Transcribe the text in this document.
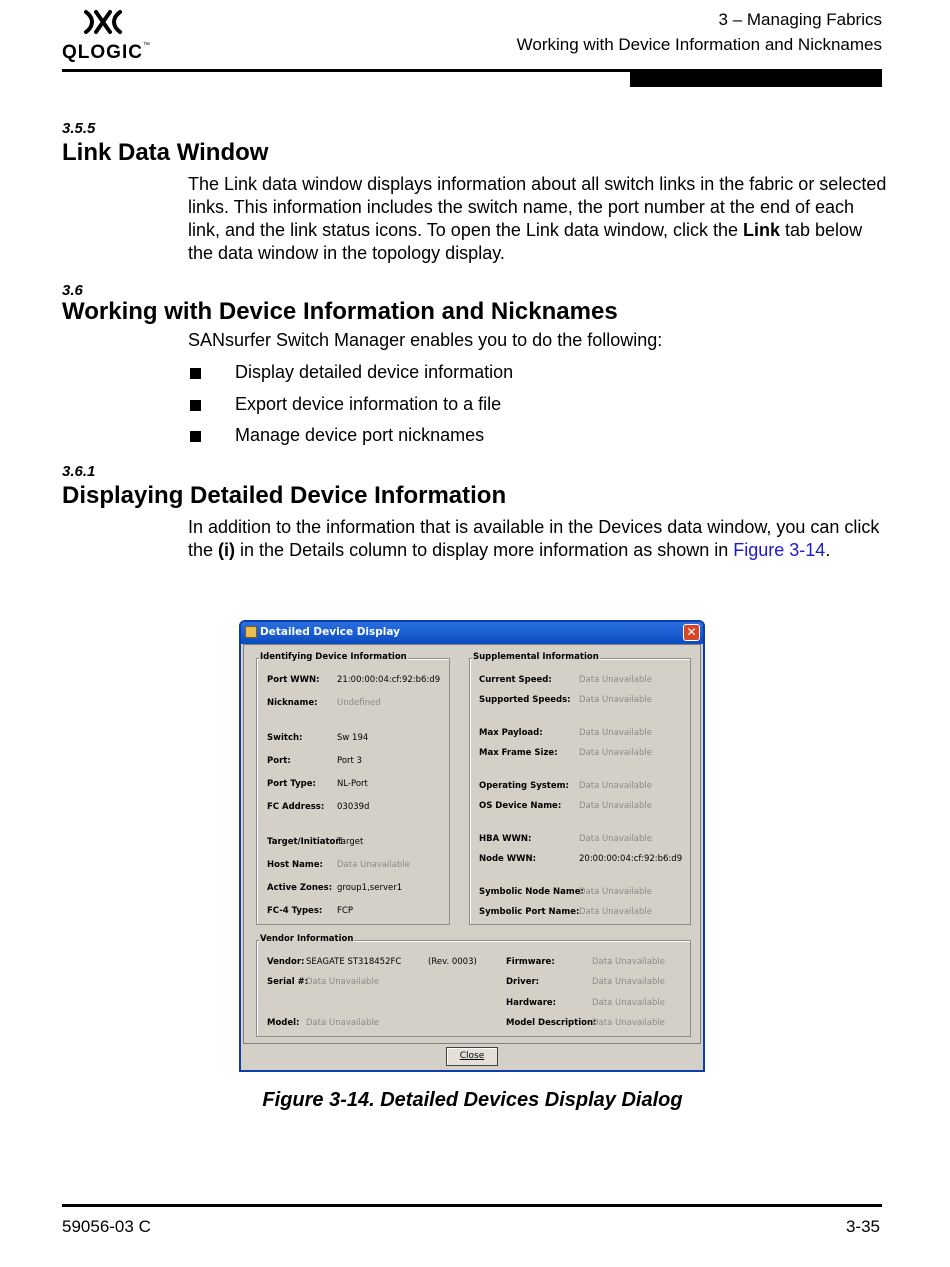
QLOGIC™
3 – Managing Fabrics
Working with Device Information and Nicknames
3.5.5
Link Data Window
The Link data window displays information about all switch links in the fabric or selected links. This information includes the switch name, the port number at the end of each link, and the link status icons. To open the Link data window, click the Link tab below the data window in the topology display.
3.6
Working with Device Information and Nicknames
SANsurfer Switch Manager enables you to do the following:
Display detailed device information
Export device information to a file
Manage device port nicknames
3.6.1
Displaying Detailed Device Information
In addition to the information that is available in the Devices data window, you can click the (i) in the Details column to display more information as shown in Figure 3-14.
Detailed Device Display	✕
Identifying Device Information
Port WWN: 21:00:00:04:cf:92:b6:d9
Nickname: Undefined
Switch:	Sw 194
Port:	Port 3
Port Type: NL-Port
FC Address: 03039d
Target/Initiator:
Target
Host Name: Data Unavailable
Active Zones: group1,server1
FC-4 Types: FCP
Supplemental Information
Current Speed:	Data Unavailable
Supported Speeds: Data Unavailable
Max Payload:	Data Unavailable
Max Frame Size:	Data Unavailable
Operating System: Data Unavailable
OS Device Name: Data Unavailable
HBA WWN:	Data Unavailable
Node WWN:	20:00:00:04:cf:92:b6:d9
Symbolic Node Name:
Data Unavailable
Symbolic Port Name: Data Unavailable
Vendor Information
Vendor: SEAGATE ST318452FC	(Rev. 0003)
Serial #:
Data Unavailable
Model: Data Unavailable
Firmware:	Data Unavailable
Driver:	Data Unavailable
Hardware:	Data Unavailable
Model Description:
Data Unavailable
Close
Figure 3-14. Detailed Devices Display Dialog
59056-03 C	3-35
